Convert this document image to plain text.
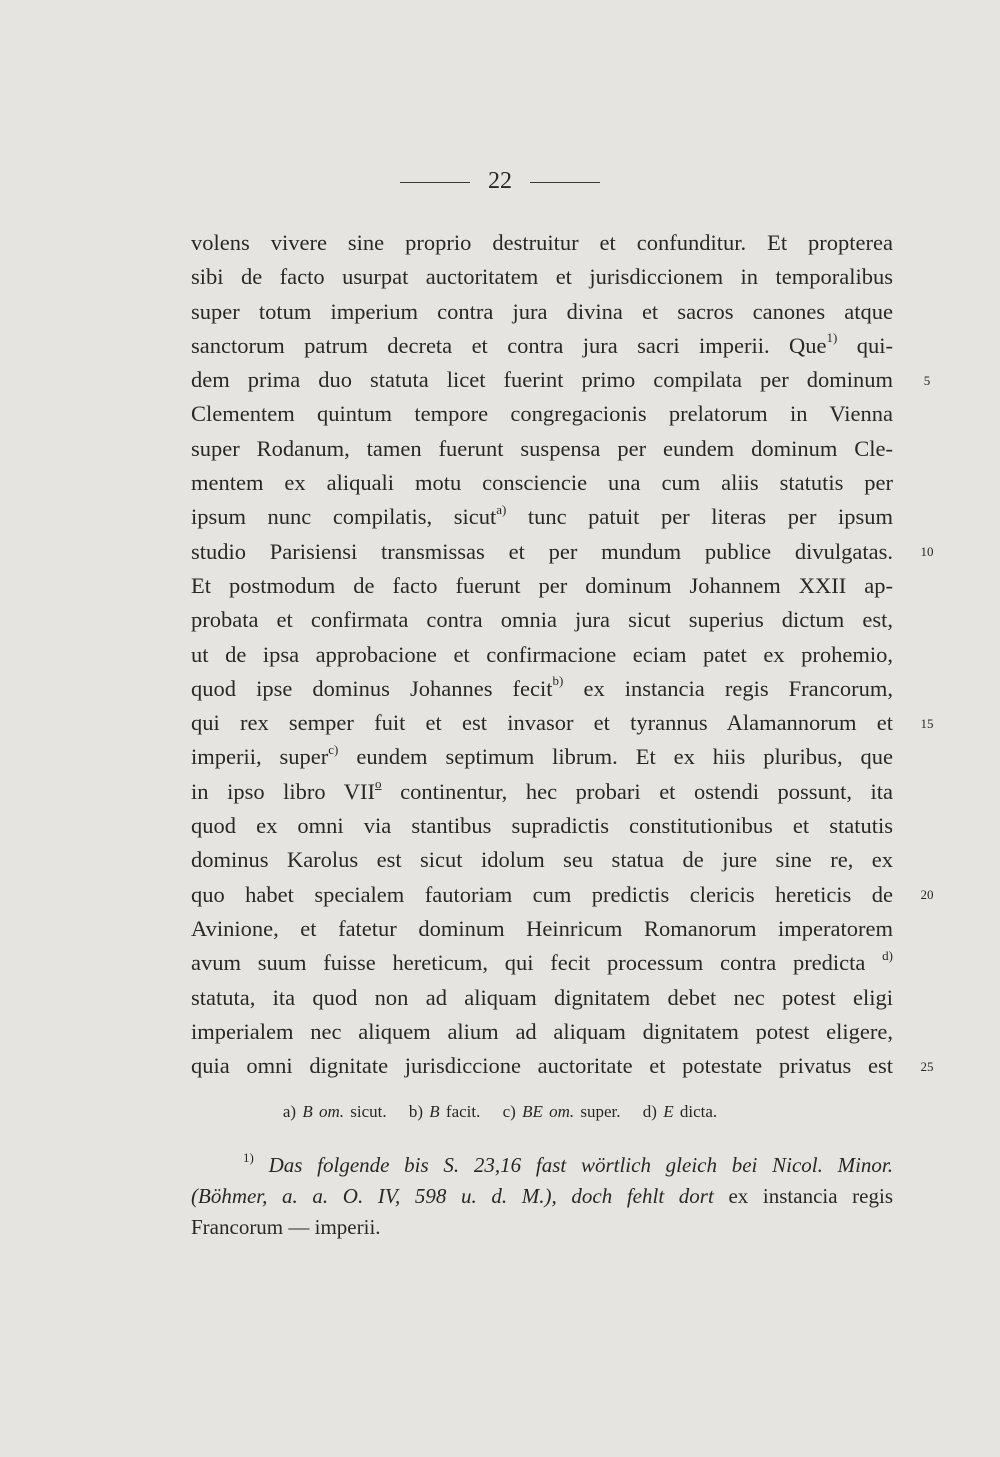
22
volens vivere sine proprio destruitur et confunditur. Et propterea
sibi de facto usurpat auctoritatem et jurisdiccionem in temporalibus
super totum imperium contra jura divina et sacros canones atque
sanctorum patrum decreta et contra jura sacri imperii. Que$^{1)}$ qui-
dem prima duo statuta licet fuerint primo compilata per dominum
Clementem quintum tempore congregacionis prelatorum in Vienna
super Rodanum, tamen fuerunt suspensa per eundem dominum Cle-
mentem ex aliquali motu consciencie una cum aliis statutis per
ipsum nunc compilatis, sicut$^{a)}$ tunc patuit per literas per ipsum
studio Parisiensi transmissas et per mundum publice divulgatas.
Et postmodum de facto fuerunt per dominum Johannem XXII ap-
probata et confirmata contra omnia jura sicut superius dictum est,
ut de ipsa approbacione et confirmacione eciam patet ex prohemio,
quod ipse dominus Johannes fecit$^{b)}$ ex instancia regis Francorum,
qui rex semper fuit et est invasor et tyrannus Alamannorum et
imperii, super$^{c)}$ eundem septimum librum. Et ex hiis pluribus, que
in ipso libro VII$^o$ continentur, hec probari et ostendi possunt, ita
quod ex omni via stantibus supradictis constitutionibus et statutis
dominus Karolus est sicut idolum seu statua de jure sine re, ex
quo habet specialem fautoriam cum predictis clericis hereticis de
Avinione, et fatetur dominum Heinricum Romanorum imperatorem
avum suum fuisse hereticum, qui fecit processum contra predicta $^{d)}$
statuta, ita quod non ad aliquam dignitatem debet nec potest eligi
imperialem nec aliquem alium ad aliquam dignitatem potest eligere,
quia omni dignitate jurisdiccione auctoritate et potestate privatus est
5
10
15
20
25
a) B om. sicut. b) B facit. c) BE om. super. d) E dicta.
$^{1)}$ Das folgende bis S. 23,16 fast wörtlich gleich bei Nicol. Minor.
(Böhmer, a. a. O. IV, 598 u. d. M.), doch fehlt dort ex instancia regis
Francorum — imperii.
